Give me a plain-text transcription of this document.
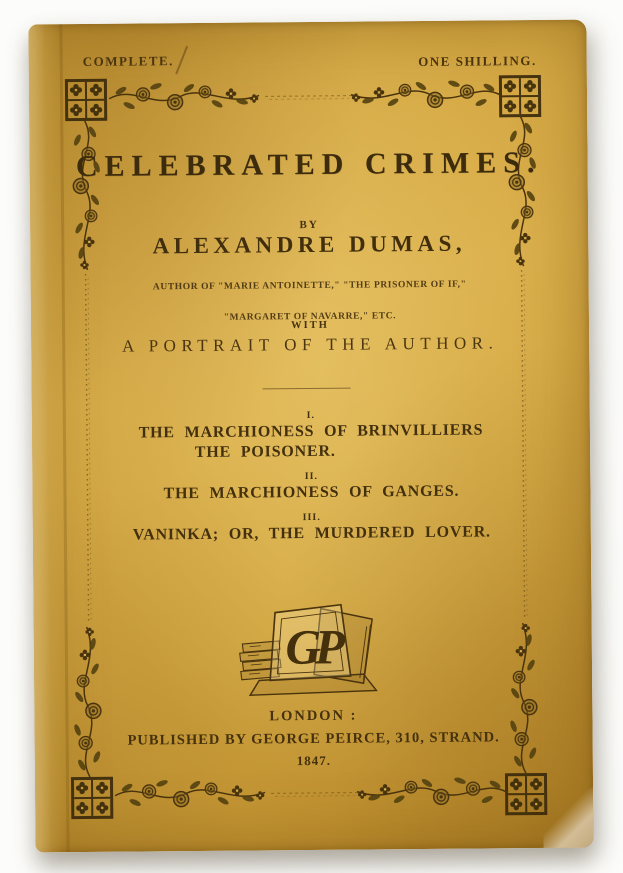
COMPLETE.	ONE SHILLING.
CELEBRATED CRIMES.
BY
ALEXANDRE DUMAS,

AUTHOR OF "MARIE ANTOINETTE," "THE PRISONER OF IF,"

"MARGARET OF NAVARRE," ETC.

WITH
A PORTRAIT OF THE AUTHOR.
I.
THE MARCHIONESS OF BRINVILLIERS
THE POISONER.
II.
THE MARCHIONESS OF GANGES.
III.
VANINKA; OR, THE MURDERED LOVER.
GP
LONDON :
PUBLISHED BY GEORGE PEIRCE, 310, STRAND.
1847.
